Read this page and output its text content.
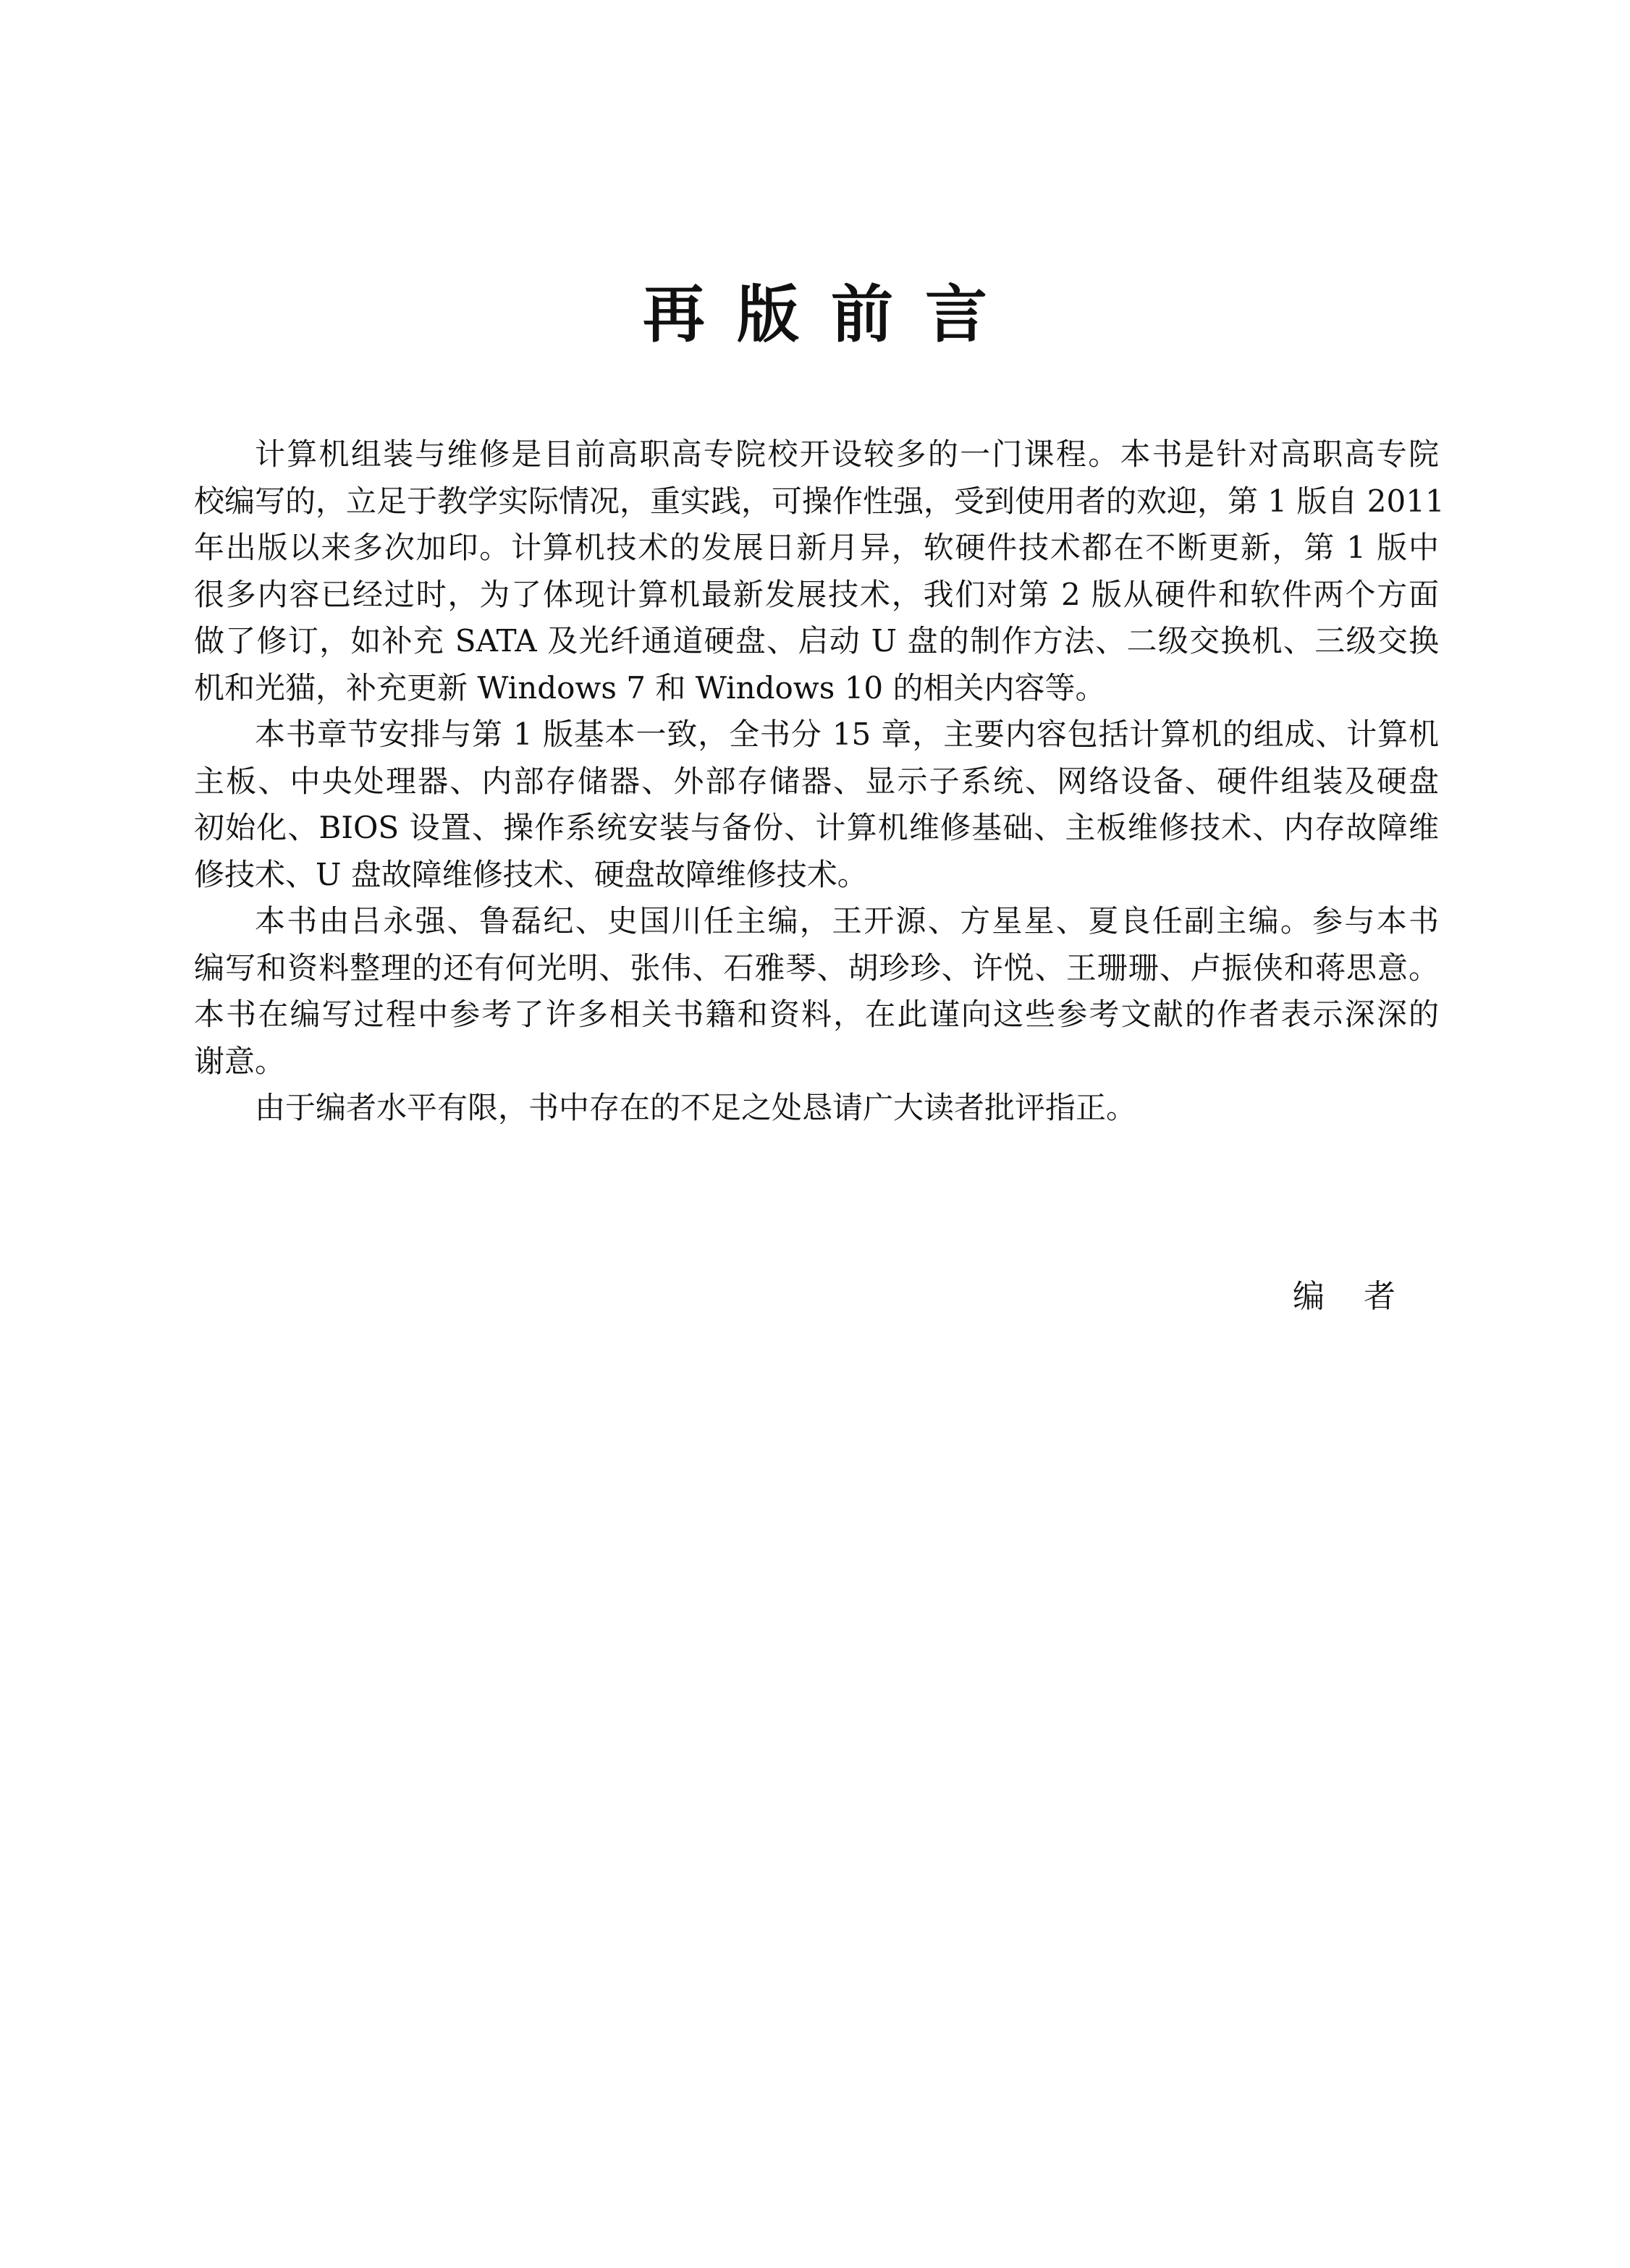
再版前言
计算机组装与维修是目前高职高专院校开设较多的一门课程。本书是针对高职高专院
校编写的，立足于教学实际情况，重实践，可操作性强，受到使用者的欢迎，第 1 版自 2011
年出版以来多次加印。计算机技术的发展日新月异，软硬件技术都在不断更新，第 1 版中
很多内容已经过时，为了体现计算机最新发展技术，我们对第 2 版从硬件和软件两个方面
做了修订，如补充 SATA 及光纤通道硬盘、启动 U 盘的制作方法、二级交换机、三级交换
机和光猫，补充更新 Windows 7 和 Windows 10 的相关内容等。
本书章节安排与第 1 版基本一致，全书分 15 章，主要内容包括计算机的组成、计算机
主板、中央处理器、内部存储器、外部存储器、显示子系统、网络设备、硬件组装及硬盘
初始化、BIOS 设置、操作系统安装与备份、计算机维修基础、主板维修技术、内存故障维
修技术、U 盘故障维修技术、硬盘故障维修技术。
本书由吕永强、鲁磊纪、史国川任主编，王开源、方星星、夏良任副主编。参与本书
编写和资料整理的还有何光明、张伟、石雅琴、胡珍珍、许悦、王珊珊、卢振侠和蒋思意。
本书在编写过程中参考了许多相关书籍和资料，在此谨向这些参考文献的作者表示深深的
谢意。
由于编者水平有限，书中存在的不足之处恳请广大读者批评指正。
编者
